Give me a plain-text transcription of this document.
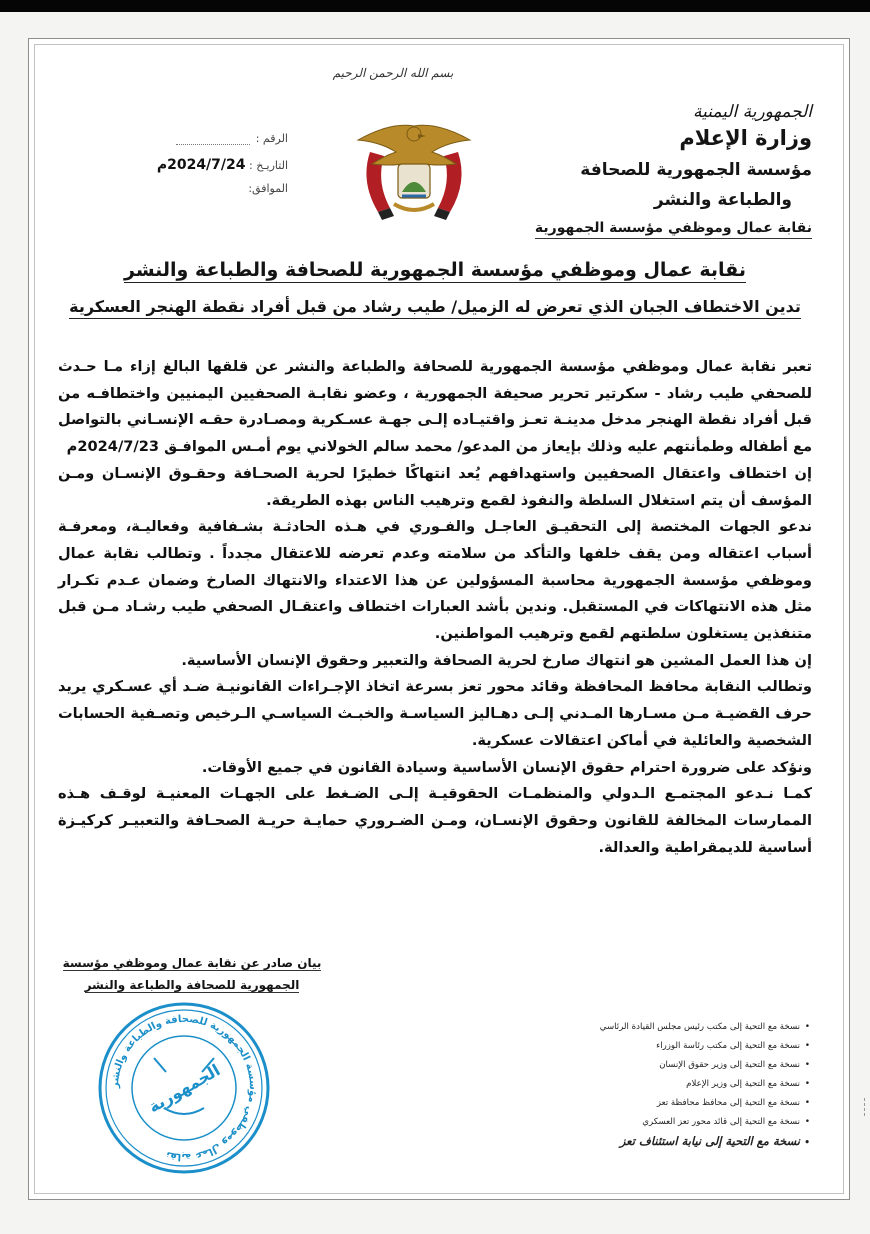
بسم الله الرحمن الرحيم
الجمهورية اليمنية
وزارة الإعلام
مؤسسة الجمهورية للصحافة
والطباعة والنشر
نقابة عمال وموظفي مؤسسة الجمهورية
الرقم :
التاريـخ : 2024/7/24م
الموافق:
نقابة عمال وموظفي مؤسسة الجمهورية للصحافة والطباعة والنشر
تدين الاختطاف الجبان الذي تعرض له الزميل/ طيب رشاد من قبل أفراد نقطة الهنجر العسكرية

تعبر نقابة عمال وموظفي مؤسسة الجمهورية للصحافة والطباعة والنشر عن قلقها البالغ إزاء مـا حـدث للصحفي طيب رشاد - سكرتير تحرير صحيفة الجمهورية ، وعضو نقابـة الصحفيين اليمنيين واختطافـه من قبل أفراد نقطة الهنجر مدخل مدينـة تعـز واقتيـاده إلـى جهـة عسـكرية ومصـادرة حقـه الإنسـاني بالتواصل مع أطفاله وطمأنتهم عليه وذلك بإيعاز من المدعو/ محمد سالم الخولاني يوم أمـس الموافـق 2024/7/23م

إن اختطاف واعتقال الصحفيين واستهدافهم يُعد انتهاكًا خطيرًا لحرية الصحـافة وحقـوق الإنسـان ومـن المؤسف أن يتم استغلال السلطة والنفوذ لقمع وترهيب الناس بهذه الطريقة.

ندعو الجهات المختصة إلى التحقيـق العاجـل والفـوري في هـذه الحادثـة بشـفافية وفعاليـة، ومعرفـة أسباب اعتقاله ومن يقف خلفها والتأكد من سلامته وعدم تعرضه للاعتقال مجدداً . وتطالب نقابة عمال وموظفي مؤسسة الجمهورية محاسبة المسؤولين عن هذا الاعتداء والانتهاك الصارخ وضمان عـدم تكـرار مثل هذه الانتهاكات في المستقبل. وندين بأشد العبارات اختطاف واعتقـال الصحفي طيب رشـاد مـن قبل متنفذين يستغلون سلطتهم لقمع وترهيب المواطنين.

إن هذا العمل المشين هو انتهاك صارخ لحرية الصحافة والتعبير وحقوق الإنسان الأساسية.

وتطالب النقابة محافظ المحافظة وقائد محور تعز بسرعة اتخاذ الإجـراءات القانونيـة ضـد أي عسـكري يريد حرف القضيـة مـن مسـارها المـدني إلـى دهـاليز السياسـة والخبـث السياسـي الـرخيص وتصـفية الحسابات الشخصية والعائلية في أماكن اعتقالات عسكرية.

ونؤكد على ضرورة احترام حقوق الإنسان الأساسية وسيادة القانون في جميع الأوقات.

كمـا نـدعو المجتمـع الـدولي والمنظمـات الحقوقيـة إلـى الضـغط على الجهـات المعنيـة لوقـف هـذه الممارسات المخالفة للقانون وحقوق الإنسـان، ومـن الضـروري حمايـة حريـة الصحـافة والتعبيـر كركيـزة أساسية للديمقراطية والعدالة.

بيان صادر عن نقابة عمال وموظفي مؤسسة
الجمهورية للصحافة والطباعة والنشر
نقابة عمال وموظفي مؤسسة الجمهورية للصحافة والطباعة والنشر
الجمهورية
•نسخة مع التحية إلى مكتب رئيس مجلس القيادة الرئاسي
•نسخة مع التحية إلى مكتب رئاسة الوزراء
•نسخة مع التحية إلى وزير حقوق الإنسان
•نسخة مع التحية إلى وزير الإعلام
•نسخة مع التحية إلى محافظ محافظة تعز
•نسخة مع التحية إلى قائد محور تعز العسكري
•نسخة مع التحية إلى نيابة استئناف تعز
